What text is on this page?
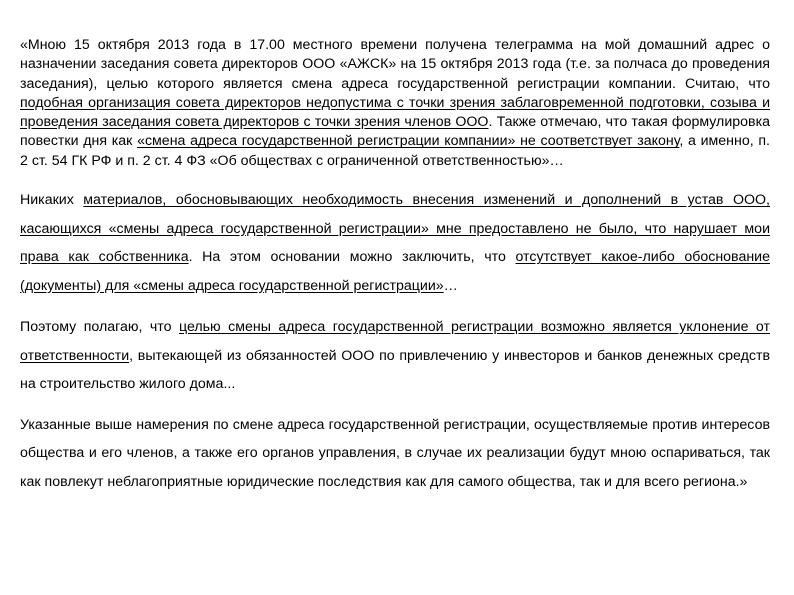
«Мною 15 октября 2013 года в 17.00 местного времени получена телеграмма на мой домашний адрес о назначении заседания совета директоров ООО «АЖСК» на 15 октября 2013 года (т.е. за полчаса до проведения заседания), целью которого является смена адреса государственной регистрации компании. Считаю, что подобная организация совета директоров недопустима с точки зрения заблаговременной подготовки, созыва и проведения заседания совета директоров с точки зрения членов ООО. Также отмечаю, что такая формулировка повестки дня как «смена адреса государственной регистрации компании» не соответствует закону, а именно, п. 2 ст. 54 ГК РФ и п. 2 ст. 4 ФЗ «Об обществах с ограниченной ответственностью»…

Никаких материалов, обосновывающих необходимость внесения изменений и дополнений в устав ООО, касающихся «смены адреса государственной регистрации» мне предоставлено не было, что нарушает мои права как собственника. На этом основании можно заключить, что отсутствует какое-либо обоснование (документы) для «смены адреса государственной регистрации»…

Поэтому полагаю, что целью смены адреса государственной регистрации возможно является уклонение от ответственности, вытекающей из обязанностей ООО по привлечению у инвесторов и банков денежных средств на строительство жилого дома...

Указанные выше намерения по смене адреса государственной регистрации, осуществляемые против интересов общества и его членов, а также его органов управления, в случае их реализации будут мною оспариваться, так как повлекут неблагоприятные юридические последствия как для самого общества, так и для всего региона.»
